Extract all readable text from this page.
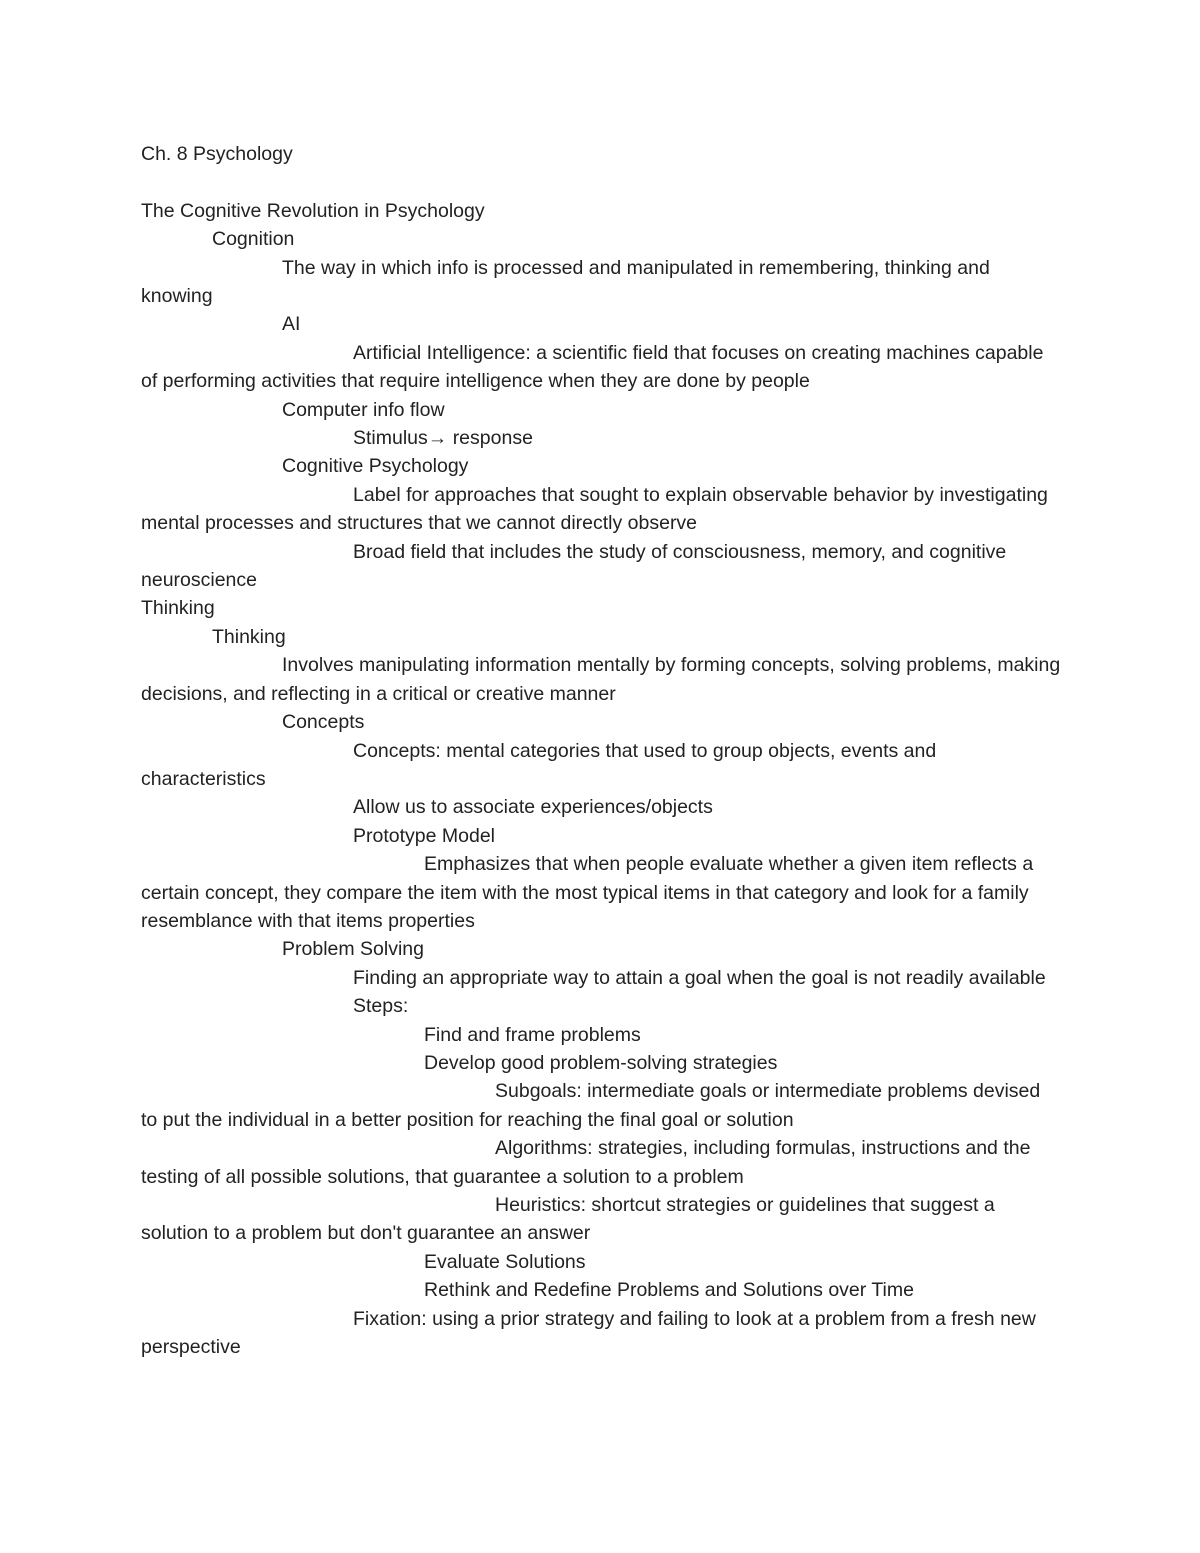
Ch. 8 Psychology

The Cognitive Revolution in Psychology

Cognition

The way in which info is processed and manipulated in remembering, thinking and knowing

AI

Artificial Intelligence: a scientific field that focuses on creating machines capable of performing activities that require intelligence when they are done by people

Computer info flow

Stimulus→ response

Cognitive Psychology

Label for approaches that sought to explain observable behavior by investigating mental processes and structures that we cannot directly observe

Broad field that includes the study of consciousness, memory, and cognitive neuroscience

Thinking

Thinking

Involves manipulating information mentally by forming concepts, solving problems, making decisions, and reflecting in a critical or creative manner

Concepts

Concepts: mental categories that used to group objects, events and characteristics

Allow us to associate experiences/objects

Prototype Model

Emphasizes that when people evaluate whether a given item reflects a certain concept, they compare the item with the most typical items in that category and look for a family resemblance with that items properties

Problem Solving

Finding an appropriate way to attain a goal when the goal is not readily available

Steps:

Find and frame problems

Develop good problem-solving strategies

Subgoals: intermediate goals or intermediate problems devised to put the individual in a better position for reaching the final goal or solution

Algorithms: strategies, including formulas, instructions and the testing of all possible solutions, that guarantee a solution to a problem

Heuristics: shortcut strategies or guidelines that suggest a solution to a problem but don't guarantee an answer

Evaluate Solutions

Rethink and Redefine Problems and Solutions over Time

Fixation: using a prior strategy and failing to look at a problem from a fresh new perspective
